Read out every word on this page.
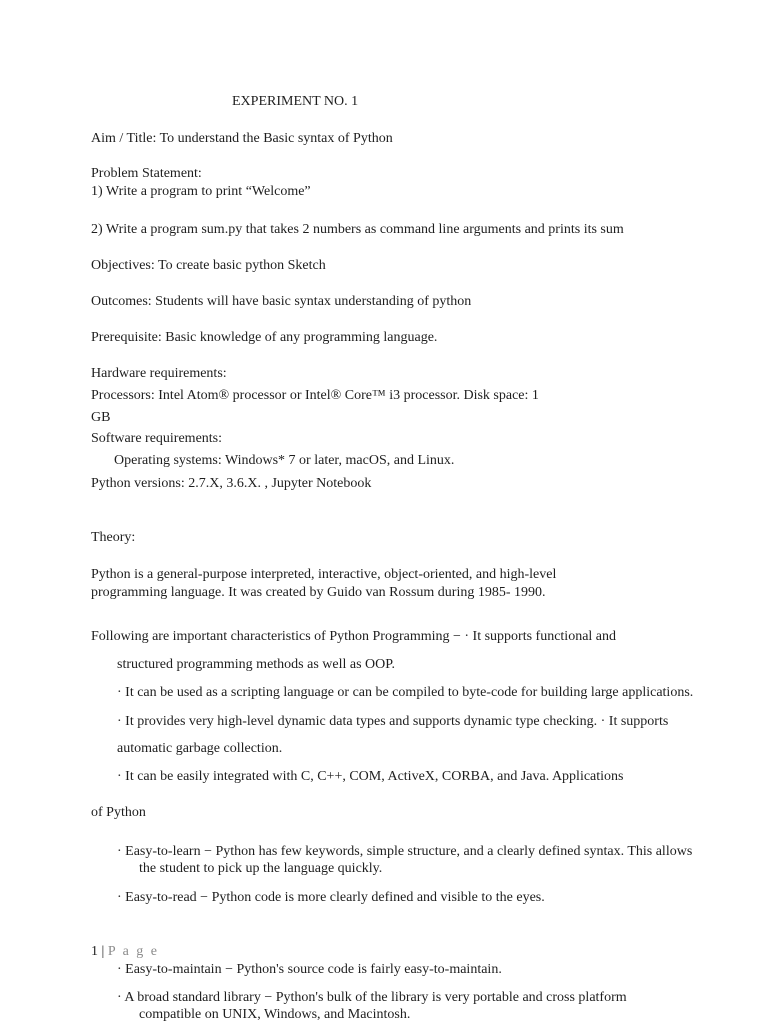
EXPERIMENT NO. 1

Aim / Title: To understand the Basic syntax of Python

Problem Statement:

1) Write a program to print “Welcome”

2) Write a program sum.py that takes 2 numbers as command line arguments and prints its sum

Objectives: To create basic python Sketch

Outcomes: Students will have basic syntax understanding of python

Prerequisite: Basic knowledge of any programming language.

Hardware requirements:

Processors: Intel Atom® processor or Intel® Core™ i3 processor. Disk space: 1

GB

Software requirements:

Operating systems: Windows* 7 or later, macOS, and Linux.

Python versions: 2.7.X, 3.6.X. , Jupyter Notebook

Theory:

Python is a general-purpose interpreted, interactive, object-oriented, and high-level

programming language. It was created by Guido van Rossum during 1985- 1990.

Following are important characteristics of Python Programming − · It supports functional and

structured programming methods as well as OOP.

· It can be used as a scripting language or can be compiled to byte-code for building large applications.

· It provides very high-level dynamic data types and supports dynamic type checking. · It supports

automatic garbage collection.

· It can be easily integrated with C, C++, COM, ActiveX, CORBA, and Java. Applications

of Python

· Easy-to-learn − Python has few keywords, simple structure, and a clearly defined syntax. This allows

the student to pick up the language quickly.

· Easy-to-read − Python code is more clearly defined and visible to the eyes.

1 | P a g e

· Easy-to-maintain − Python's source code is fairly easy-to-maintain.

· A broad standard library − Python's bulk of the library is very portable and cross platform

compatible on UNIX, Windows, and Macintosh.
